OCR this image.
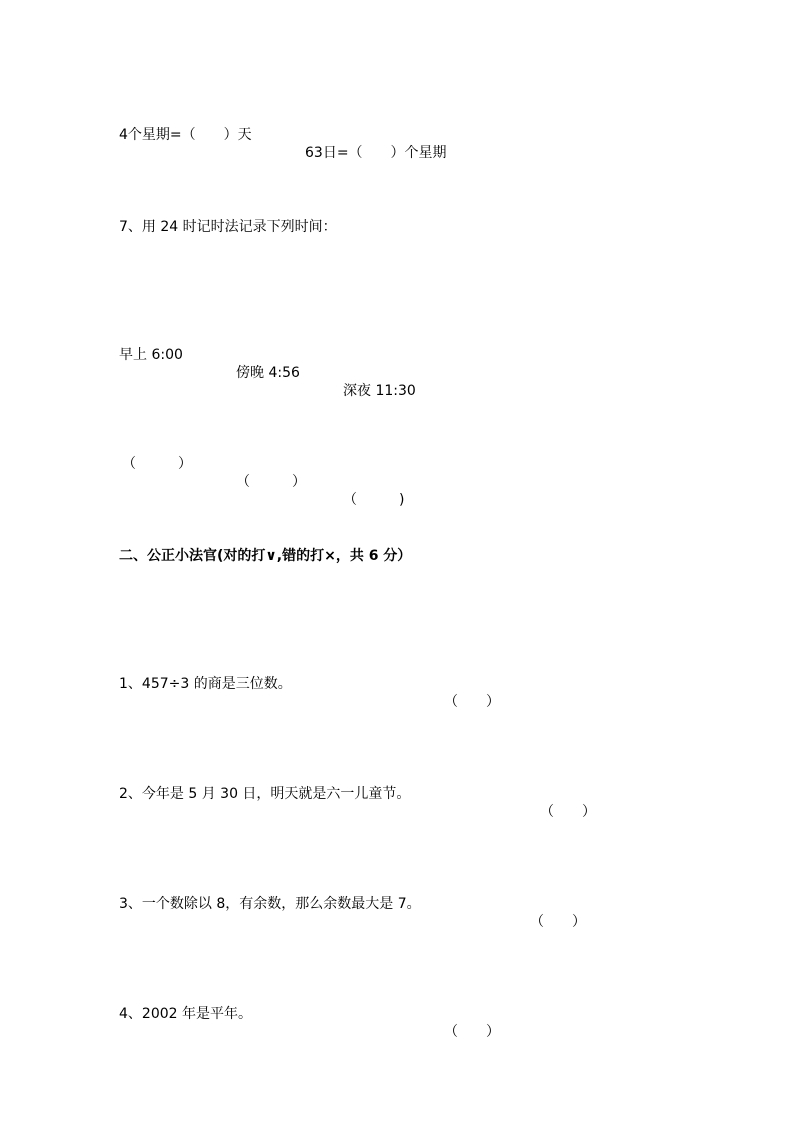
4个星期=（　　）天

63日=（　　）个星期

7、用 24 时记时法记录下列时间：

早上 6:00

傍晚 4:56

深夜 11:30

（　　　）

（　　　）

（　　　)

二、公正小法官(对的打∨,错的打×，共 6 分）

1、457÷3 的商是三位数。

（　　）

2、今年是 5 月 30 日，明天就是六一儿童节。

（　　）

3、一个数除以 8，有余数，那么余数最大是 7。

（　　）

4、2002 年是平年。

（　　）
